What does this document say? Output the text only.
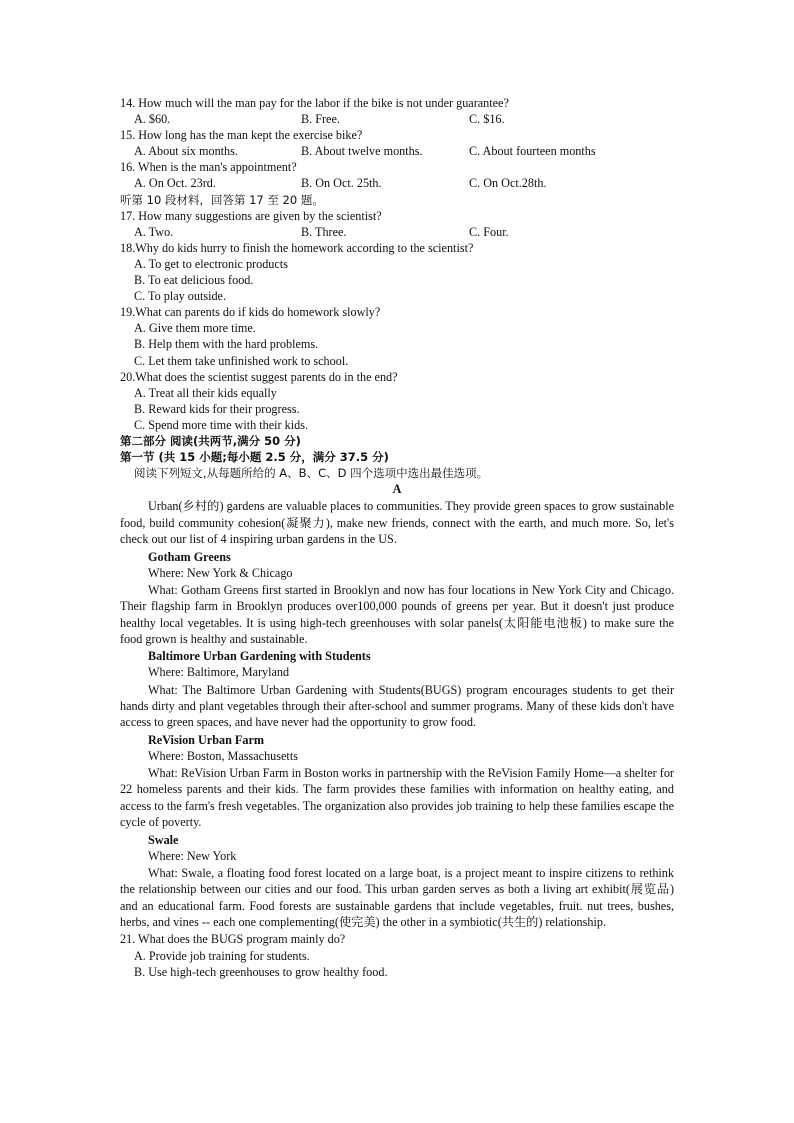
14. How much will the man pay for the labor if the bike is not under guarantee?
A. $60.	B. Free.	C. $16.
15. How long has the man kept the exercise bike?
A. About six months.	B. About twelve months.	C. About fourteen months
16. When is the man's appointment?
A. On Oct. 23rd.	B. On Oct. 25th.	C. On Oct.28th.
听第 10 段材料，回答第 17 至 20 题。
17. How many suggestions are given by the scientist?
A. Two.	B. Three.	C. Four.
18.Why do kids hurry to finish the homework according to the scientist?
A. To get to electronic products
B. To eat delicious food.
C. To play outside.
19.What can parents do if kids do homework slowly?
A. Give them more time.
B. Help them with the hard problems.
C. Let them take unfinished work to school.
20.What does the scientist suggest parents do in the end?
A. Treat all their kids equally
B. Reward kids for their progress.
C. Spend more time with their kids.
第二部分 阅读(共两节,满分 50 分)
第一节 (共 15 小题;每小题 2.5 分，满分 37.5 分)
阅读下列短文,从每题所给的 A、B、C、D 四个选项中选出最佳选项。
A
Urban(乡村的) gardens are valuable places to communities. They provide green spaces to grow sustainable food, build community cohesion(凝聚力), make new friends, connect with the earth, and much more. So, let's check out our list of 4 inspiring urban gardens in the US.
Gotham Greens
Where: New York & Chicago
What: Gotham Greens first started in Brooklyn and now has four locations in New York City and Chicago. Their flagship farm in Brooklyn produces over100,000 pounds of greens per year. But it doesn't just produce healthy local vegetables. It is using high-tech greenhouses with solar panels(太阳能电池板) to make sure the food grown is healthy and sustainable.
Baltimore Urban Gardening with Students
Where: Baltimore, Maryland
What: The Baltimore Urban Gardening with Students(BUGS) program encourages students to get their hands dirty and plant vegetables through their after-school and summer programs. Many of these kids don't have access to green spaces, and have never had the opportunity to grow food.
ReVision Urban Farm
Where: Boston, Massachusetts
What: ReVision Urban Farm in Boston works in partnership with the ReVision Family Home—a shelter for 22 homeless parents and their kids. The farm provides these families with information on healthy eating, and access to the farm's fresh vegetables. The organization also provides job training to help these families escape the cycle of poverty.
Swale
Where: New York
What: Swale, a floating food forest located on a large boat, is a project meant to inspire citizens to rethink the relationship between our cities and our food. This urban garden serves as both a living art exhibit(展览品) and an educational farm. Food forests are sustainable gardens that include vegetables, fruit. nut trees, bushes, herbs, and vines -- each one complementing(使完美) the other in a symbiotic(共生的) relationship.
21. What does the BUGS program mainly do?
A. Provide job training for students.
B. Use high-tech greenhouses to grow healthy food.
